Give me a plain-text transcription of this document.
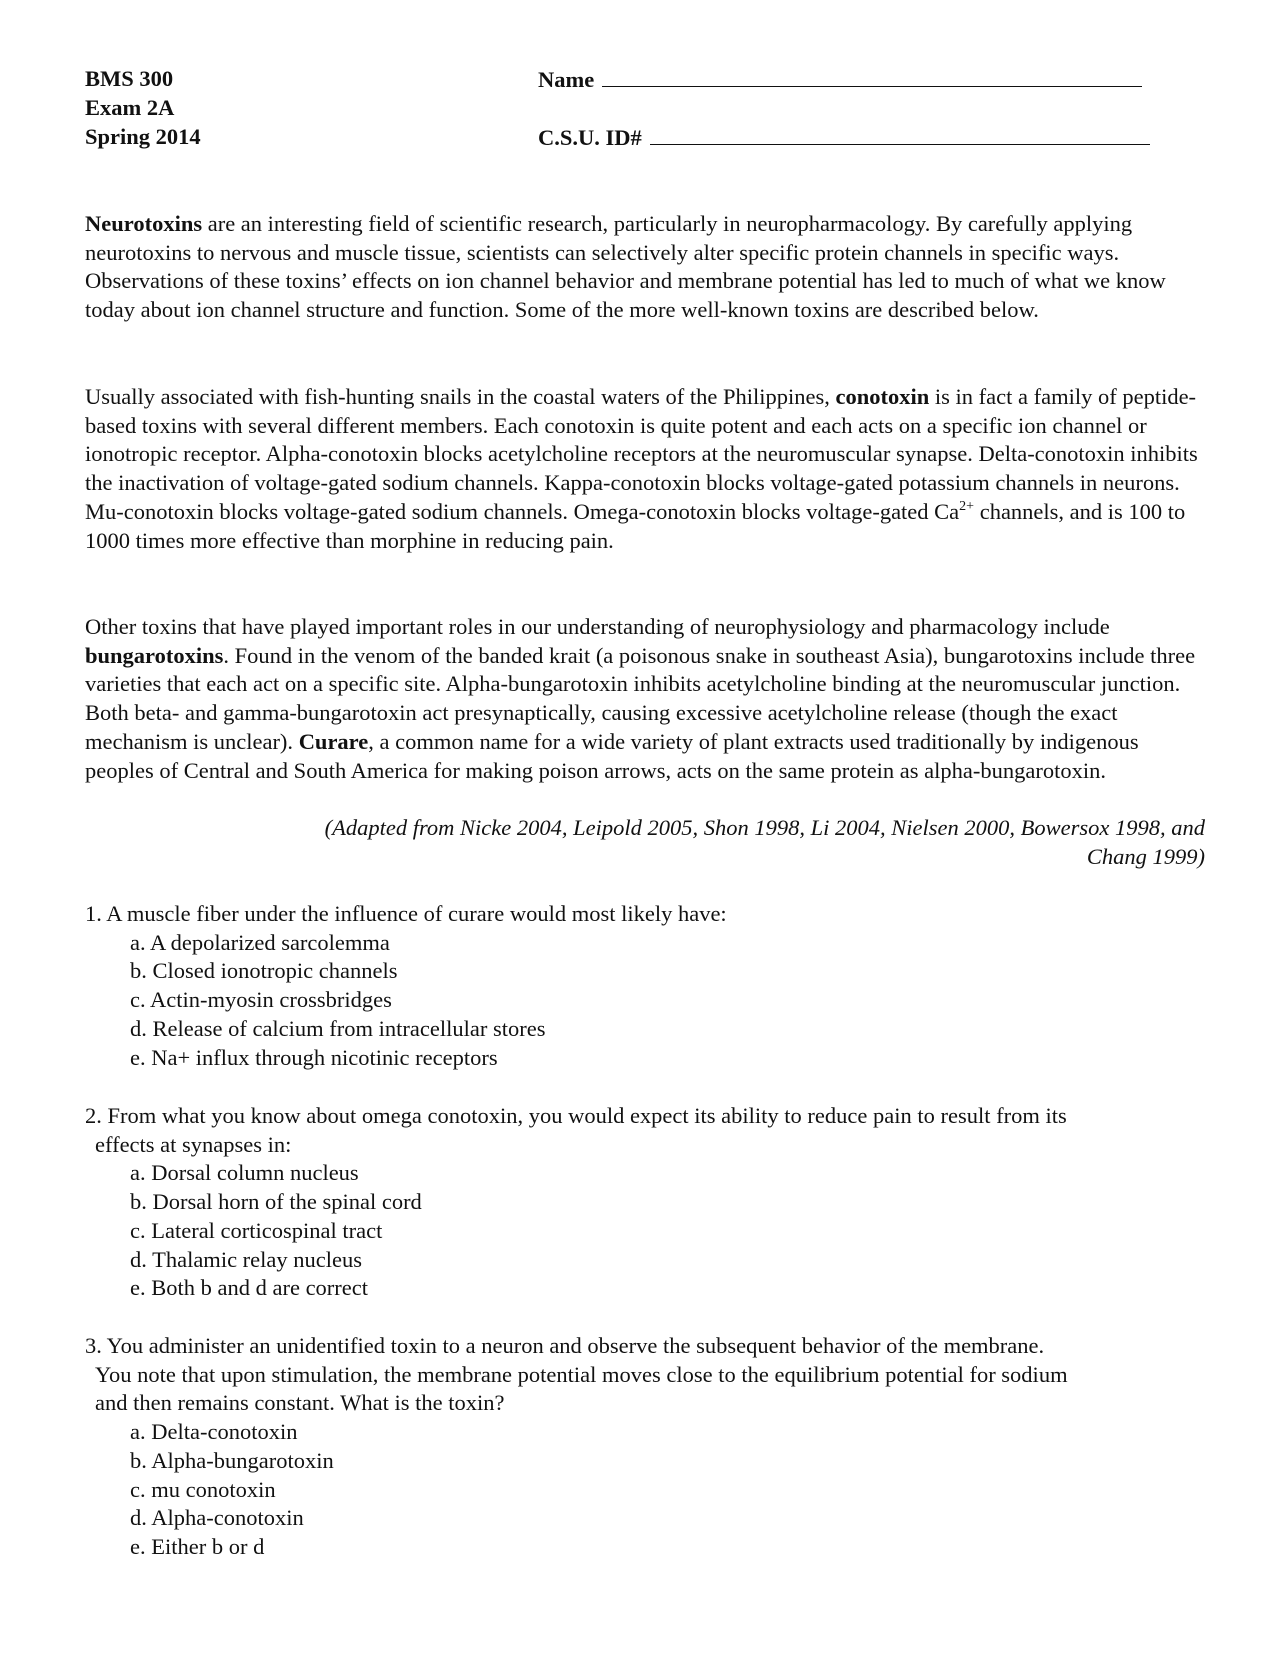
BMS 300
Exam 2A
Spring 2014
Name
C.S.U. ID#
Neurotoxins are an interesting field of scientific research, particularly in neuropharmacology. By carefully applying neurotoxins to nervous and muscle tissue, scientists can selectively alter specific protein channels in specific ways. Observations of these toxins’ effects on ion channel behavior and membrane potential has led to much of what we know today about ion channel structure and function. Some of the more well-known toxins are described below.
Usually associated with fish-hunting snails in the coastal waters of the Philippines, conotoxin is in fact a family of peptide-based toxins with several different members. Each conotoxin is quite potent and each acts on a specific ion channel or ionotropic receptor. Alpha-conotoxin blocks acetylcholine receptors at the neuromuscular synapse. Delta-conotoxin inhibits the inactivation of voltage-gated sodium channels. Kappa-conotoxin blocks voltage-gated potassium channels in neurons. Mu-conotoxin blocks voltage-gated sodium channels. Omega-conotoxin blocks voltage-gated $Ca^{2+}$ channels, and is 100 to 1000 times more effective than morphine in reducing pain.
Other toxins that have played important roles in our understanding of neurophysiology and pharmacology include bungarotoxins. Found in the venom of the banded krait (a poisonous snake in southeast Asia), bungarotoxins include three varieties that each act on a specific site. Alpha-bungarotoxin inhibits acetylcholine binding at the neuromuscular junction. Both beta- and gamma-bungarotoxin act presynaptically, causing excessive acetylcholine release (though the exact mechanism is unclear). Curare, a common name for a wide variety of plant extracts used traditionally by indigenous peoples of Central and South America for making poison arrows, acts on the same protein as alpha-bungarotoxin.
(Adapted from Nicke 2004, Leipold 2005, Shon 1998, Li 2004, Nielsen 2000, Bowersox 1998, and
Chang 1999)
1. A muscle fiber under the influence of curare would most likely have:
a. A depolarized sarcolemma
b. Closed ionotropic channels
c. Actin-myosin crossbridges
d. Release of calcium from intracellular stores
e. Na+ influx through nicotinic receptors
2. From what you know about omega conotoxin, you would expect its ability to reduce pain to result from its
effects at synapses in:
a. Dorsal column nucleus
b. Dorsal horn of the spinal cord
c. Lateral corticospinal tract
d. Thalamic relay nucleus
e. Both b and d are correct
3. You administer an unidentified toxin to a neuron and observe the subsequent behavior of the membrane.
You note that upon stimulation, the membrane potential moves close to the equilibrium potential for sodium
and then remains constant. What is the toxin?
a. Delta-conotoxin
b. Alpha-bungarotoxin
c. mu conotoxin
d. Alpha-conotoxin
e. Either b or d
